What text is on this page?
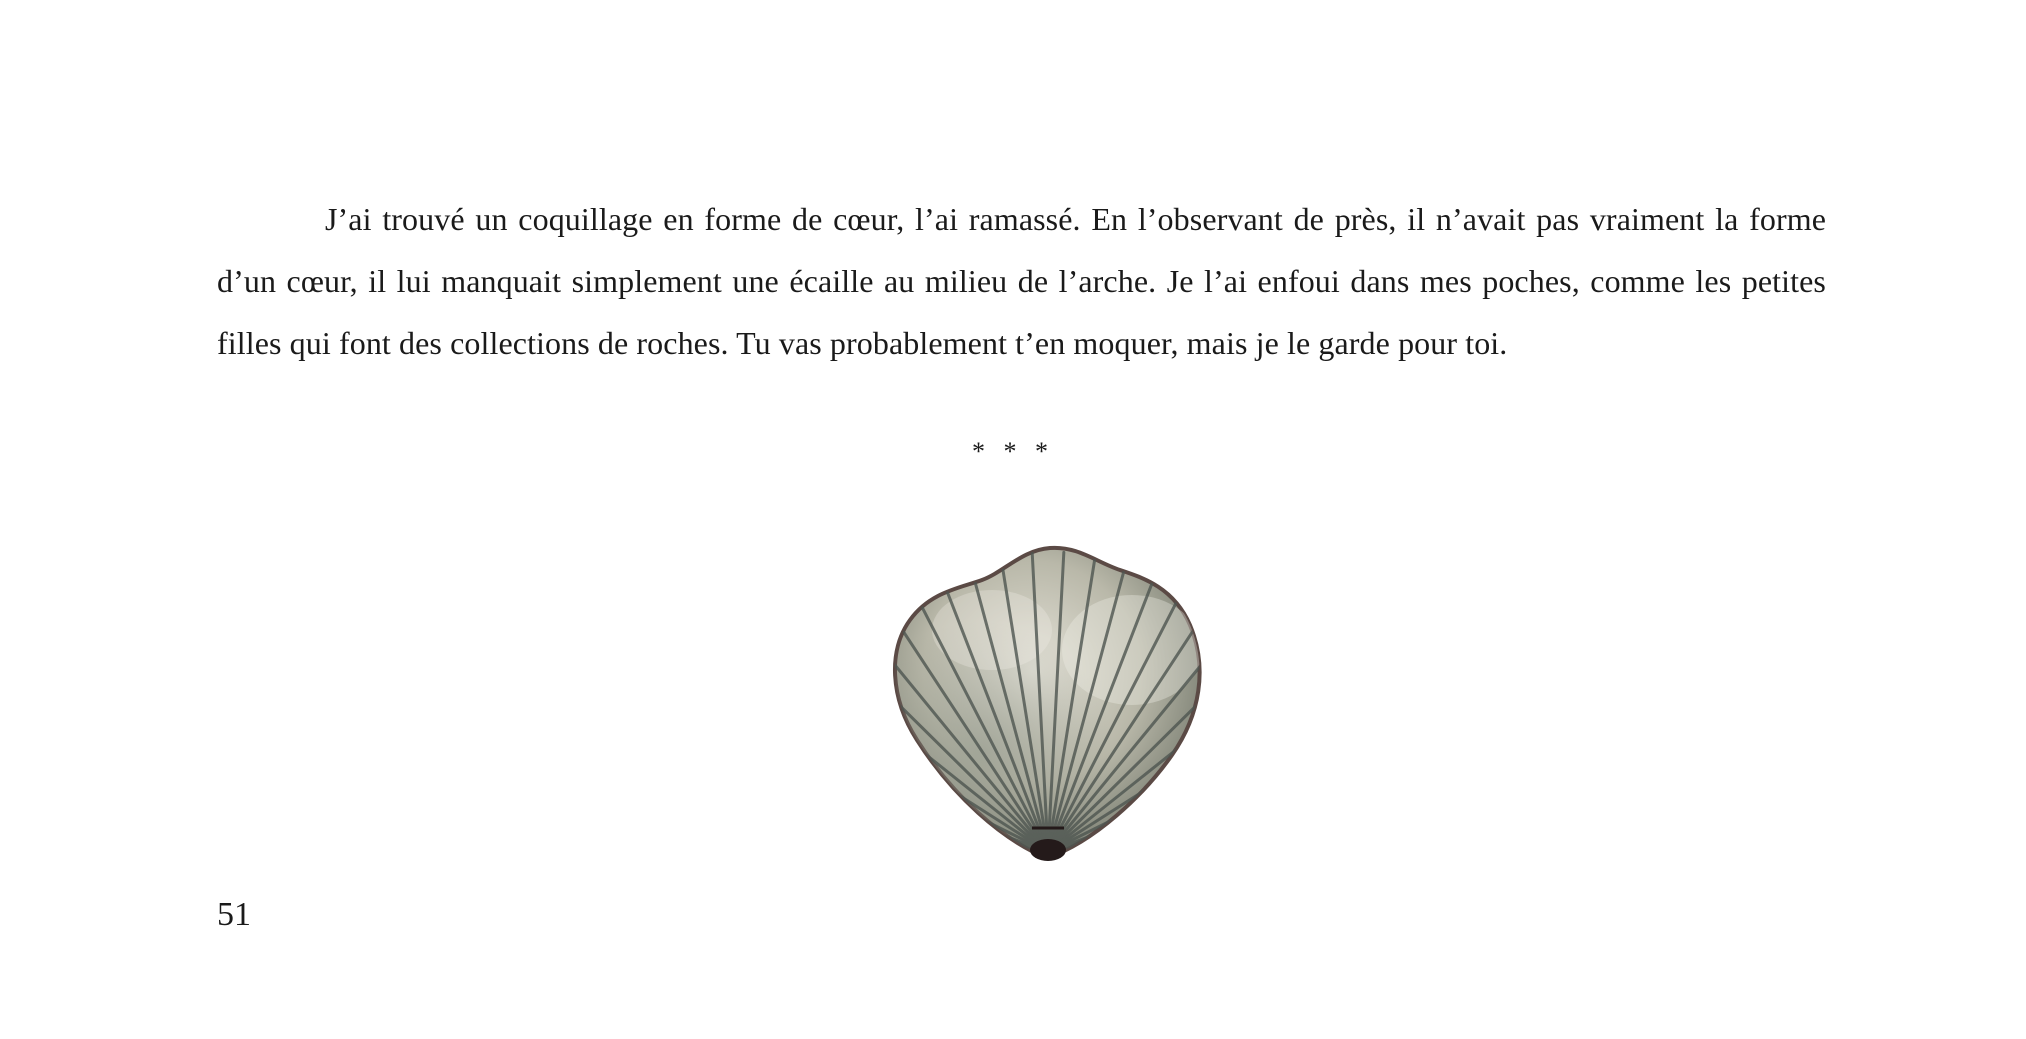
J’ai trouvé un coquillage en forme de cœur, l’ai ramassé. En l’observant de près, il n’avait pas vraiment la forme d’un cœur, il lui manquait simplement une écaille au milieu de l’arche. Je l’ai enfoui dans mes poches, comme les petites filles qui font des collections de roches. Tu vas probablement t’en moquer, mais je le garde pour toi.

* * *
51
